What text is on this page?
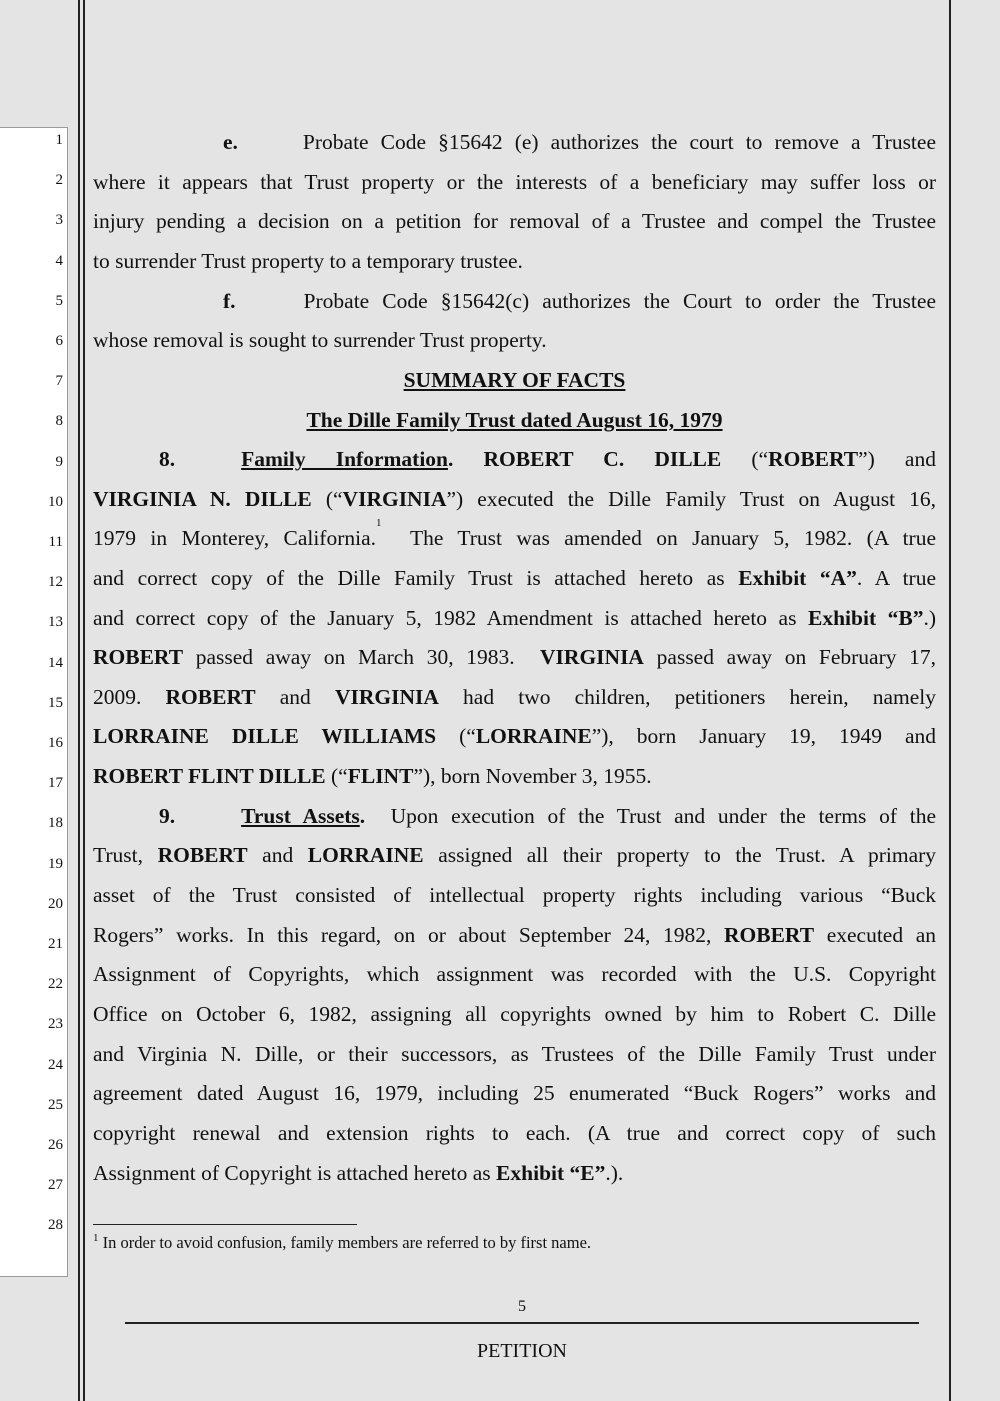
1
2
3
4
5
6
7
8
9
10
11
12
13
14
15
16
17
18
19
20
21
22
23
24
25
26
27
28
e.	Probate Code §15642 (e) authorizes the court to remove a Trustee
where it appears that Trust property or the interests of a beneficiary may suffer loss or
injury pending a decision on a petition for removal of a Trustee and compel the Trustee
to surrender Trust property to a temporary trustee.
f.	Probate Code §15642(c) authorizes the Court to order the Trustee
whose removal is sought to surrender Trust property.
SUMMARY OF FACTS
The Dille Family Trust dated August 16, 1979
8.	Family Information. ROBERT C. DILLE (“ROBERT”) and
VIRGINIA N. DILLE (“VIRGINIA”) executed the Dille Family Trust on August 16,
1979 in Monterey, California.$^1$  The Trust was amended on January 5, 1982. (A true
and correct copy of the Dille Family Trust is attached hereto as Exhibit “A”. A true
and correct copy of the January 5, 1982 Amendment is attached hereto as Exhibit “B”.)
ROBERT passed away on March 30, 1983. VIRGINIA passed away on February 17,
2009. ROBERT and VIRGINIA had two children, petitioners herein, namely
LORRAINE DILLE WILLIAMS (“LORRAINE”), born January 19, 1949 and
ROBERT FLINT DILLE (“FLINT”), born November 3, 1955.
9.	Trust Assets. Upon execution of the Trust and under the terms of the
Trust, ROBERT and LORRAINE assigned all their property to the Trust. A primary
asset of the Trust consisted of intellectual property rights including various “Buck
Rogers” works. In this regard, on or about September 24, 1982, ROBERT executed an
Assignment of Copyrights, which assignment was recorded with the U.S. Copyright
Office on October 6, 1982, assigning all copyrights owned by him to Robert C. Dille
and Virginia N. Dille, or their successors, as Trustees of the Dille Family Trust under
agreement dated August 16, 1979, including 25 enumerated “Buck Rogers” works and
copyright renewal and extension rights to each. (A true and correct copy of such
Assignment of Copyright is attached hereto as Exhibit “E”.).
$^1$ In order to avoid confusion, family members are referred to by first name.
5
PETITION
